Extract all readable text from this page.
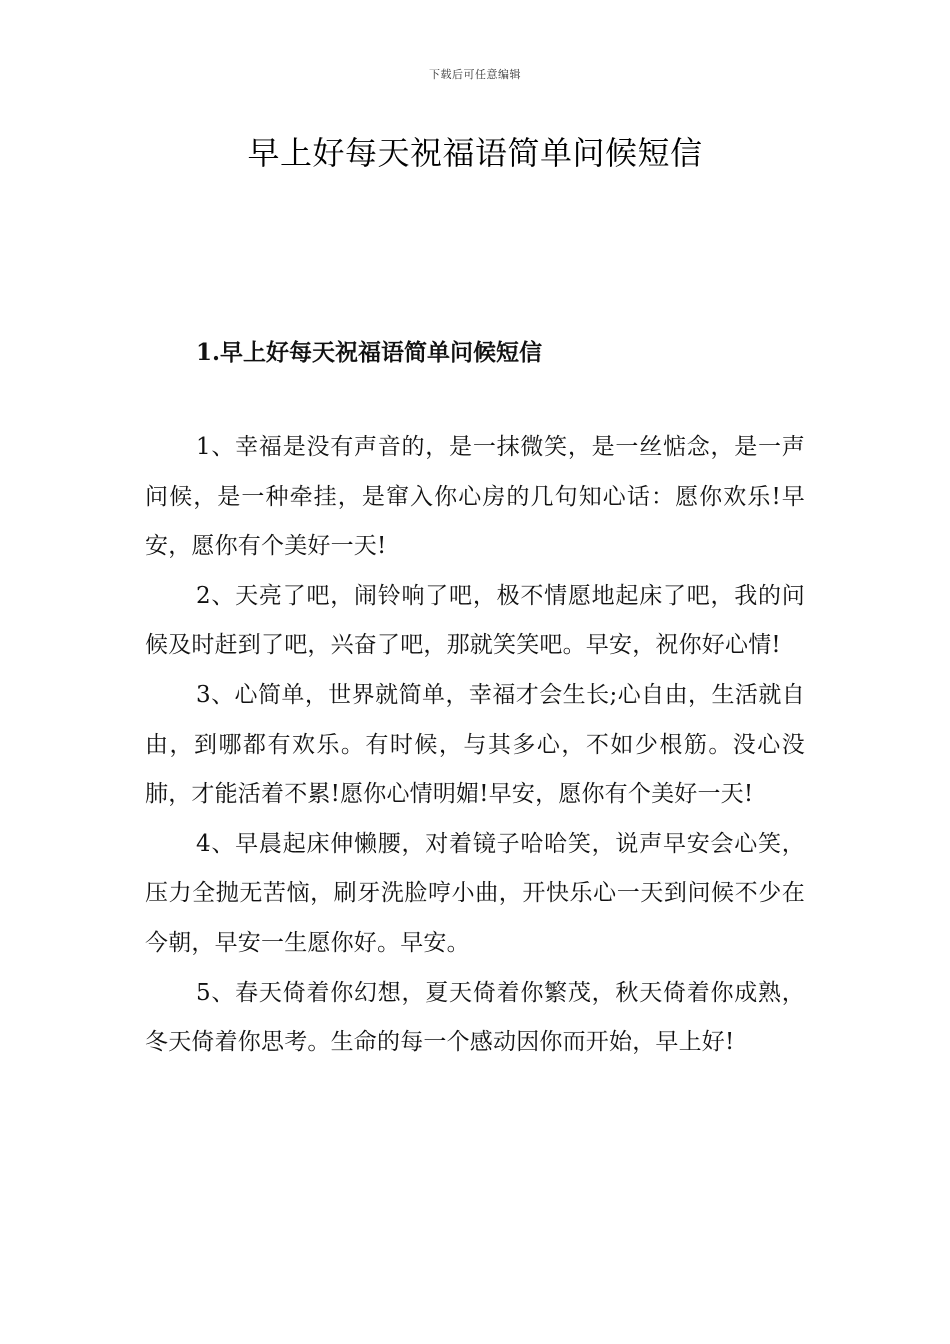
下载后可任意编辑
早上好每天祝福语简单问候短信
1.早上好每天祝福语简单问候短信

1、幸福是没有声音的，是一抹微笑，是一丝惦念，是一声问候，是一种牵挂，是窜入你心房的几句知心话：愿你欢乐!早安，愿你有个美好一天!

2、天亮了吧，闹铃响了吧，极不情愿地起床了吧，我的问候及时赶到了吧，兴奋了吧，那就笑笑吧。早安，祝你好心情!

3、心简单，世界就简单，幸福才会生长;心自由，生活就自由，到哪都有欢乐。有时候，与其多心，不如少根筋。没心没肺，才能活着不累!愿你心情明媚!早安，愿你有个美好一天!

4、早晨起床伸懒腰，对着镜子哈哈笑，说声早安会心笑，压力全抛无苦恼，刷牙洗脸哼小曲，开快乐心一天到问候不少在今朝，早安一生愿你好。早安。

5、春天倚着你幻想，夏天倚着你繁茂，秋天倚着你成熟，冬天倚着你思考。生命的每一个感动因你而开始，早上好!
